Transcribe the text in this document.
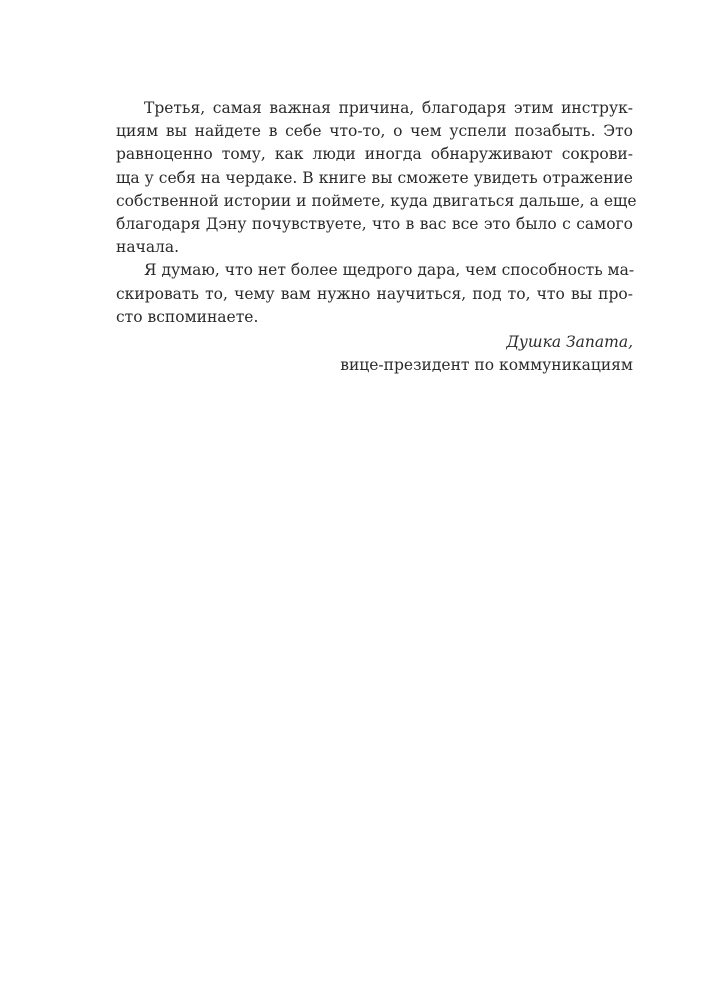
Третья, самая важная причина, благодаря этим инструк-
циям вы найдете в себе что-то, о чем успели позабыть. Это
равноценно тому, как люди иногда обнаруживают сокрови-
ща у себя на чердаке. В книге вы сможете увидеть отражение
собственной истории и поймете, куда двигаться дальше, а еще
благодаря Дэну почувствуете, что в вас все это было с самого
начала.
Я думаю, что нет более щедрого дара, чем способность ма-
скировать то, чему вам нужно научиться, под то, что вы про-
сто вспоминаете.
Душка Запата,
вице-президент по коммуникациям
